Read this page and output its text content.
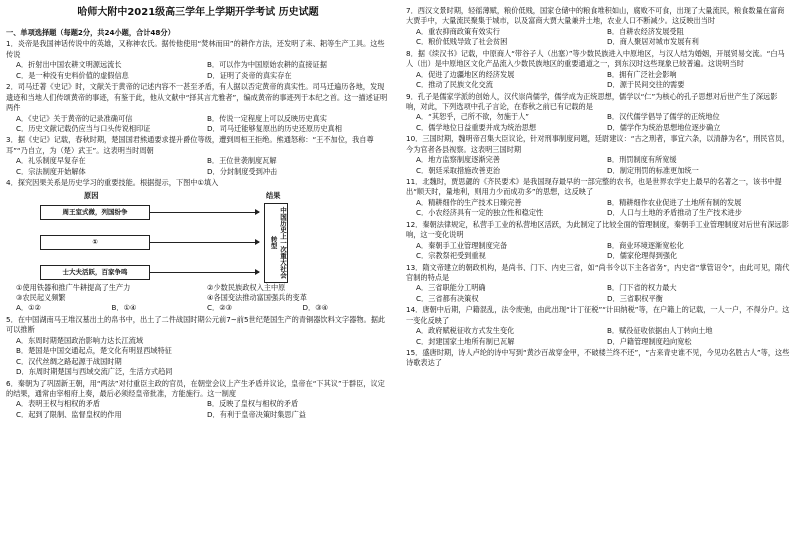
哈师大附中2021级高三学年上学期开学考试 历史试题
一、单项选择题（每题2分，共24小题，合计48分）
1．炎帝是我国神话传说中的英雄，又称神农氏。据传他使用“焚林而田”的耕作方法，还发明了耒、耜等生产工具。这些传说
A．折射出中国农耕文明源远流长	B．可以作为中国原始农耕的直接证据
C．是一种没有史料价值的虚假信息	D．证明了炎帝的真实存在
2．司马迁著《史记》时，文献关于黄帝的记述内容不一甚至矛盾，有人据以否定黄帝的真实性。司马迁遍历各地，发现遗迹和当地人们传颂黄帝的事迹，有鉴于此，他从文献中“择其言尤雅者”，编成黄帝的事迹列于本纪之首。这一描述证明两件
A．《史记》关于黄帝的记录准确可信	B．传说一定程度上可以反映历史真实
C．历史文献记载仍应当与口头传说相印证	D．司马迁能够复原出的历史还原历史真相
3．据《史记》记载，春秋时期，楚国国君熊通要求提升爵位等级，遭到周桓王拒绝。熊通怒称：“王不加位，我自尊耳”“乃自立，为（楚）武王”。这表明当时周朝
A．礼乐制度早复存在	B．王位世袭制度瓦解
C．宗法制度开始解体	D．分封制度受到冲击
4．探究因果关系是历史学习的重要技能。根据提示，下图中①填入
原因	结果
周王室式微，列国纷争
①
士大夫活跃，百家争鸣	中国历史上一次重大社会转型
①使用铁器和推广牛耕提高了生产力	②少数民族政权入主中原
③农民起义频繁	④各国变法推动富国强兵的变革
A．①②	B．①④	C．②③	D．③④
5．在中国湖南马王堆汉墓出土的帛书中，出土了二件战国时期公元前7~前5世纪楚国生产的青铜器饮料文字器物。据此可以推断
A．东周时期楚国政治影响力达长江流域
B．楚国是中国交通起点，楚文化有明显西域特征
C．汉代丝绸之路起源于战国时期
D．东周时期楚国与西域交流广泛，生活方式趋同
6．秦朝为了巩固新王朝，用“两法”对付重臣主政的官员，在朝堂会议上产生矛盾并议论，皇帝在“下其议”于群臣，议定的结果，通常由宰相府上奏，最后必须经皇帝批准，方能施行。这一制度
A．表明王权与相权的矛盾	B．反映了皇权与相权的矛盾
C．起到了限制、监督皇权的作用	D．有利于皇帝决策时集思广益
7．西汉文景时期，轻徭薄赋，粮价低贱，国家仓储中的粮食堆积如山，腐败不可食，出现了大量流民，粮食数量在富商大贾手中，大量流民聚集于城市，以及富商大贾大量兼并土地，农业人口不断减少。这反映出当时
A．重农抑商政策有效实行	B．自耕农经济发展受阻
C．粮价低贱导致了社会贫困	D．商人聚居对城市发展有利
8．据《续汉书》记载，中原商人“带谷子人（出塞）”等少数民族进入中原地区，与汉人结为婚姻，开展贸易交流。“白马人（出）是中原地区文化产品流入少数民族地区的重要通道之一，到东汉时这些现象已较普遍。这说明当时
A．促进了边疆地区的经济发展	B．拥有广泛社会影响
C．推动了民族文化交流	D．源于民间交往的需要
9．孔子是儒家学派的创始人，汉代崇尚儒学，儒学成为正统思想，儒学以“仁”为核心的孔子思想对后世产生了深远影响，对此，下列选项中孔子言论，在春秋之前已有记载的是
A．“其恕乎，己所不欲，勿施于人”	B．汉代儒学倡导了儒学的正统地位
C．儒学地位日益重要并成为统治思想	D．儒学作为统治思想地位逐步确立
10．三国时期，魏明帝召集大臣议论，针对刑事制度问题，廷尉建议：“古之刑者，事宜六条，以清静为名”，刑民官员，今为官者各县视察。这表明三国时期
A．地方监察制度逐渐完善	B．刑罚制度有所宽缓
C．朝廷采取措施改善吏治	D．制定刑罚的标准更加统一
11．北魏时，贾思勰的《齐民要术》是我国现存最早的一部完整的农书，也是世界农学史上最早的名著之一，该书中提出“顺天时，量地利，则用力少而成功多”的思想，这反映了
A．精耕细作的生产技术日臻完善	B．精耕细作农业促进了土地所有制的发展
C．小农经济具有一定的独立性和稳定性	D．人口与土地的矛盾推动了生产技术进步
12．秦朝法律规定，私营手工业的私营地区活跃，为此制定了比较全面的管理制度，秦朝手工业管理制度对后世有深远影响，这一变化说明
A．秦朝手工业管理制度完备	B．商业环境逐渐宽松化
C．宗教祭祀受到重视	D．儒家伦理得到强化
13．隋文帝建立的朝政机构，是尚书、门下、内史三省，如“尚书令以下主各省务”，内史省“掌管诏令”，由此可见，隋代官制的特点是
A．三省职能分工明确	B．门下省的权力最大
C．三省都有决策权	D．三省职权平衡
14．唐朝中后期，户籍混乱，法令废弛，由此出现“计丁征税”“计田纳税”等，在户籍上的记载，一人一户，不得分户。这一变化反映了
A．政府赋税征收方式发生变化	B．赋役征收依据由人丁转向土地
C．封建国家土地所有制已瓦解	D．户籍管理制度趋向宽松
15．盛唐时期，诗人卢纶的诗中写到“黄沙百战穿金甲，不破楼兰终不还”，“古来青史谁不见，今见功名胜古人”等，这些诗歌表达了
